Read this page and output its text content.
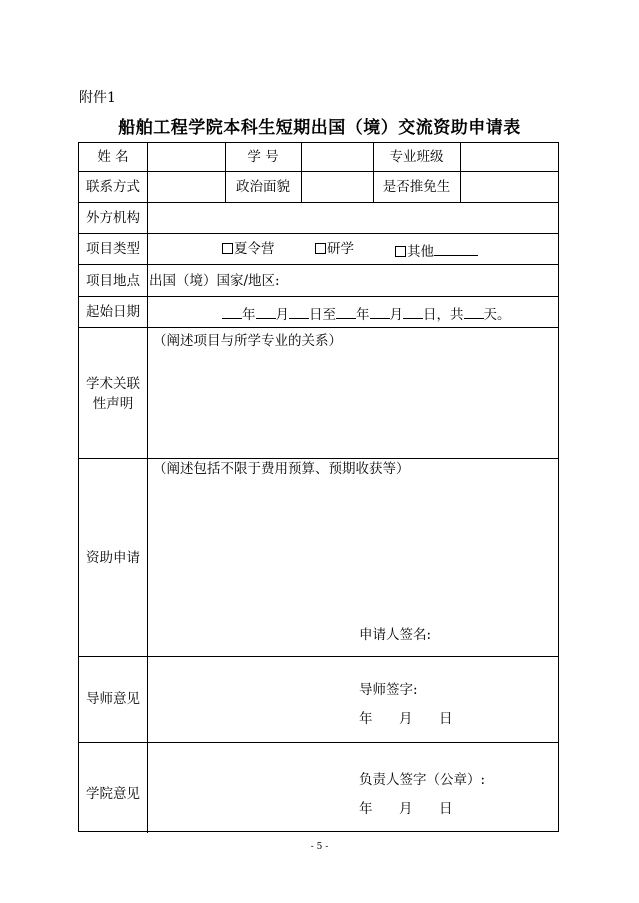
附件1
船舶工程学院本科生短期出国（境）交流资助申请表
姓 名	学 号	专业班级
联系方式	政治面貌	是否推免生
外方机构
项目类型	夏令营	研学	其他
项目地点 出国（境）国家/地区:
起始日期	年 月 日至 年 月 日，共 天。
学术关联
性声明
（阐述项目与所学专业的关系）
资助申请
（阐述包括不限于费用预算、预期收获等）
申请人签名:
导师意见
导师签字:
年 月 日
学院意见
负责人签字（公章）:
年 月 日
- 5 -
